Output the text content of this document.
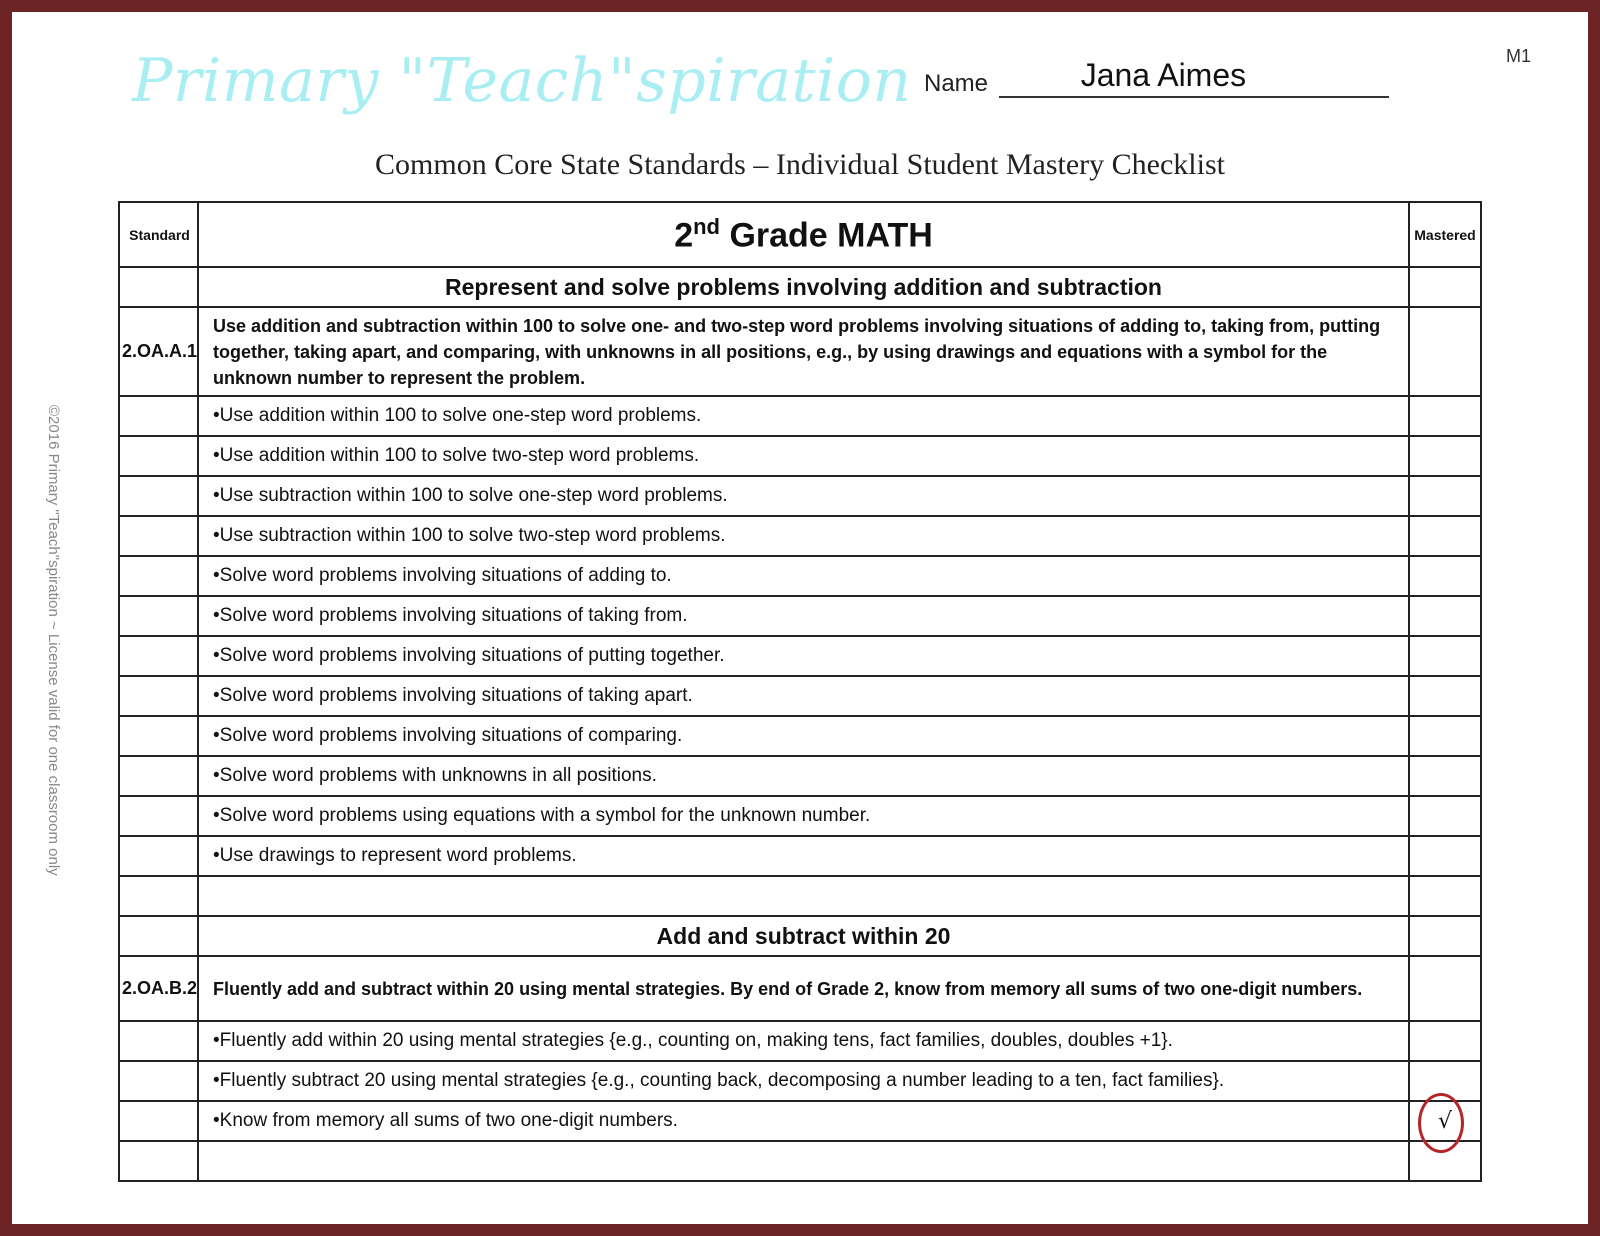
Primary "Teach"spiration Name	Jana Aimes
M1
Common Core State Standards – Individual Student Mastery Checklist
©2016 Primary "Teach"spiration ~ License valid for one classroom only
Standard	2nd Grade MATH	Mastered
	Represent and solve problems involving addition and subtraction	
2.OA.A.1	Use addition and subtraction within 100 to solve one- and two-step word problems involving situations of adding to, taking from, putting together, taking apart, and comparing, with unknowns in all positions, e.g., by using drawings and equations with a symbol for the unknown number to represent the problem.	
	•Use addition within 100 to solve one-step word problems.	
	•Use addition within 100 to solve two-step word problems.	
	•Use subtraction within 100 to solve one-step word problems.	
	•Use subtraction within 100 to solve two-step word problems.	
	•Solve word problems involving situations of adding to.	
	•Solve word problems involving situations of taking from.	
	•Solve word problems involving situations of putting together.	
	•Solve word problems involving situations of taking apart.	
	•Solve word problems involving situations of comparing.	
	•Solve word problems with unknowns in all positions.	
	•Solve word problems using equations with a symbol for the unknown number.	
	•Use drawings to represent word problems.	

	Add and subtract within 20	
2.OA.B.2	Fluently add and subtract within 20 using mental strategies. By end of Grade 2, know from memory all sums of two one-digit numbers.	
	•Fluently add within 20 using mental strategies {e.g., counting on, making tens, fact families, doubles, doubles +1}.	
	•Fluently subtract 20 using mental strategies {e.g., counting back, decomposing a number leading to a ten, fact families}.	
	•Know from memory all sums of two one-digit numbers.	√
